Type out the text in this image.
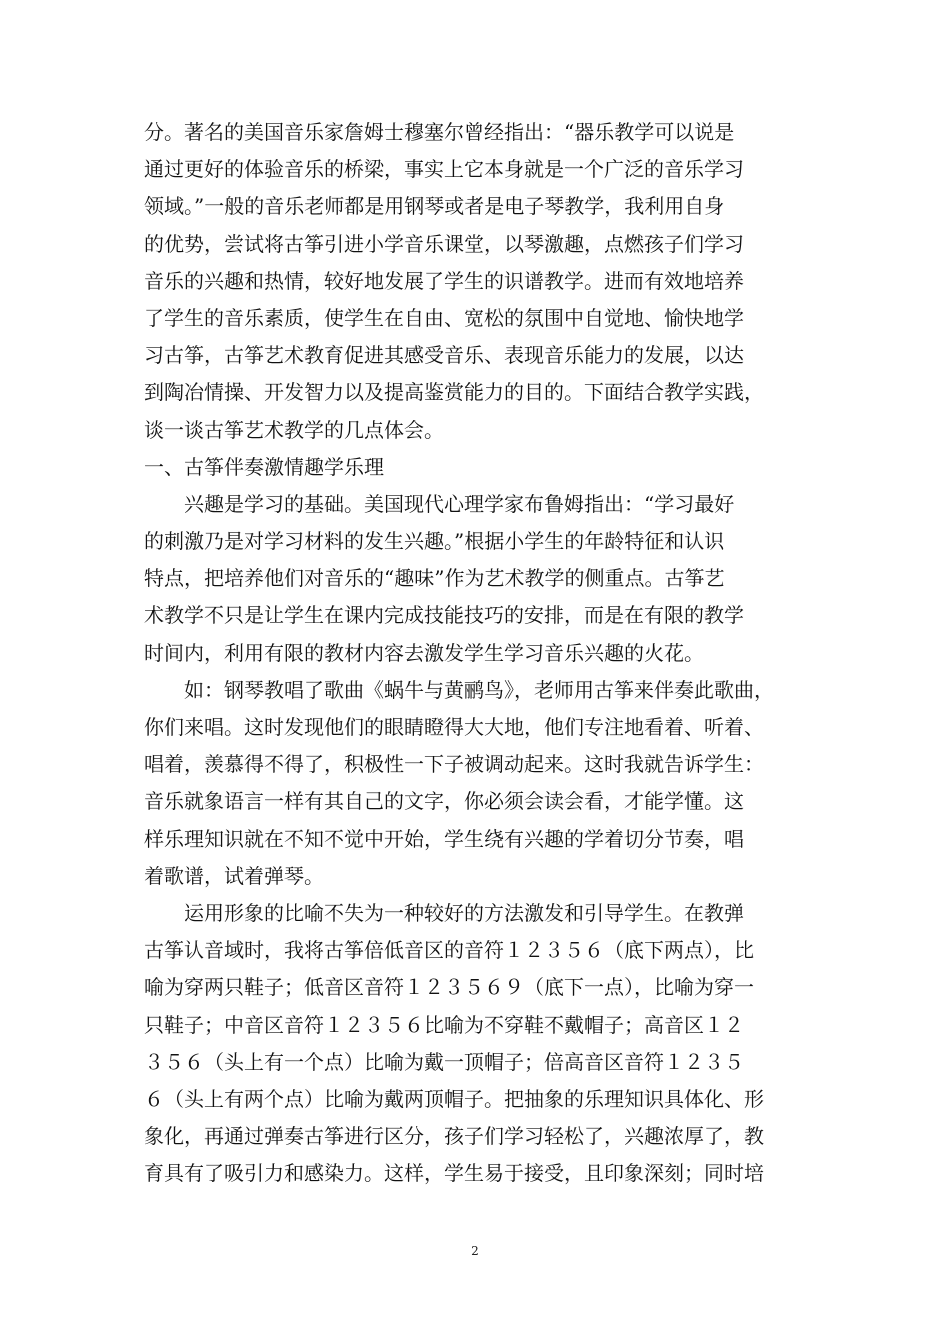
分。著名的美国音乐家詹姆士穆塞尔曾经指出：“器乐教学可以说是
通过更好的体验音乐的桥梁，事实上它本身就是一个广泛的音乐学习
领域。”一般的音乐老师都是用钢琴或者是电子琴教学，我利用自身
的优势，尝试将古筝引进小学音乐课堂，以琴激趣，点燃孩子们学习
音乐的兴趣和热情，较好地发展了学生的识谱教学。进而有效地培养
了学生的音乐素质，使学生在自由、宽松的氛围中自觉地、愉快地学
习古筝，古筝艺术教育促进其感受音乐、表现音乐能力的发展，以达
到陶冶情操、开发智力以及提高鉴赏能力的目的。下面结合教学实践，
谈一谈古筝艺术教学的几点体会。
一、古筝伴奏激情趣学乐理
　　兴趣是学习的基础。美国现代心理学家布鲁姆指出：“学习最好
的刺激乃是对学习材料的发生兴趣。”根据小学生的年龄特征和认识
特点，把培养他们对音乐的“趣味”作为艺术教学的侧重点。古筝艺
术教学不只是让学生在课内完成技能技巧的安排，而是在有限的教学
时间内，利用有限的教材内容去激发学生学习音乐兴趣的火花。
　　如：钢琴教唱了歌曲《蜗牛与黄鹂鸟》，老师用古筝来伴奏此歌曲，
你们来唱。这时发现他们的眼睛瞪得大大地，他们专注地看着、听着、
唱着，羡慕得不得了，积极性一下子被调动起来。这时我就告诉学生：
音乐就象语言一样有其自己的文字，你必须会读会看，才能学懂。这
样乐理知识就在不知不觉中开始，学生绕有兴趣的学着切分节奏，唱
着歌谱，试着弹琴。
　　运用形象的比喻不失为一种较好的方法激发和引导学生。在教弹
古筝认音域时，我将古筝倍低音区的音符１２３５６（底下两点），比
喻为穿两只鞋子；低音区音符１２３５６９（底下一点），比喻为穿一
只鞋子；中音区音符１２３５６比喻为不穿鞋不戴帽子；高音区１２
３５６（头上有一个点）比喻为戴一顶帽子；倍高音区音符１２３５
６（头上有两个点）比喻为戴两顶帽子。把抽象的乐理知识具体化、形
象化，再通过弹奏古筝进行区分，孩子们学习轻松了，兴趣浓厚了，教
育具有了吸引力和感染力。这样，学生易于接受，且印象深刻；同时培
2
